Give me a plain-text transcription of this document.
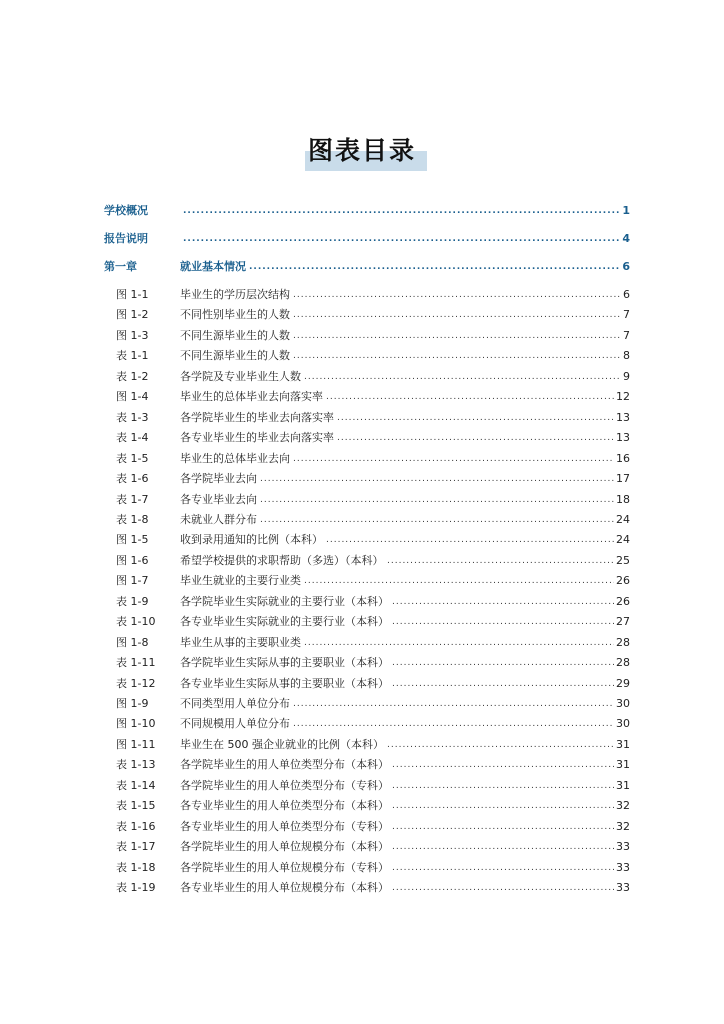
图表目录
.....
学校概况	1
.....
报告说明	4
.....
第一章	就业基本情况	6
.....
图 1-1	毕业生的学历层次结构	6
.....
图 1-2	不同性别毕业生的人数	7
.....
图 1-3	不同生源毕业生的人数	7
.....
表 1-1	不同生源毕业生的人数	8
.....
表 1-2	各学院及专业毕业生人数	9
.....
图 1-4	毕业生的总体毕业去向落实率	12
.....
表 1-3	各学院毕业生的毕业去向落实率	13
.....
表 1-4	各专业毕业生的毕业去向落实率	13
.....
表 1-5	毕业生的总体毕业去向	16
.....
表 1-6	各学院毕业去向	17
.....
表 1-7	各专业毕业去向	18
.....
表 1-8	未就业人群分布	24
.....
图 1-5	收到录用通知的比例（本科）	24
.....
图 1-6	希望学校提供的求职帮助（多选）（本科）	25
.....
图 1-7	毕业生就业的主要行业类	26
.....
表 1-9	各学院毕业生实际就业的主要行业（本科）	26
.....
表 1-10 各专业毕业生实际就业的主要行业（本科）	27
.....
图 1-8	毕业生从事的主要职业类	28
.....
表 1-11 各学院毕业生实际从事的主要职业（本科）	28
.....
表 1-12 各专业毕业生实际从事的主要职业（本科）	29
.....
图 1-9	不同类型用人单位分布	30
.....
图 1-10 不同规模用人单位分布	30
.....
图 1-11 毕业生在 500 强企业就业的比例（本科）	31
.....
表 1-13 各学院毕业生的用人单位类型分布（本科）	31
.....
表 1-14 各学院毕业生的用人单位类型分布（专科）	31
.....
表 1-15 各专业毕业生的用人单位类型分布（本科）	32
.....
表 1-16 各专业毕业生的用人单位类型分布（专科）	32
.....
表 1-17 各学院毕业生的用人单位规模分布（本科）	33
.....
表 1-18 各学院毕业生的用人单位规模分布（专科）	33
.....
表 1-19 各专业毕业生的用人单位规模分布（本科）	33
